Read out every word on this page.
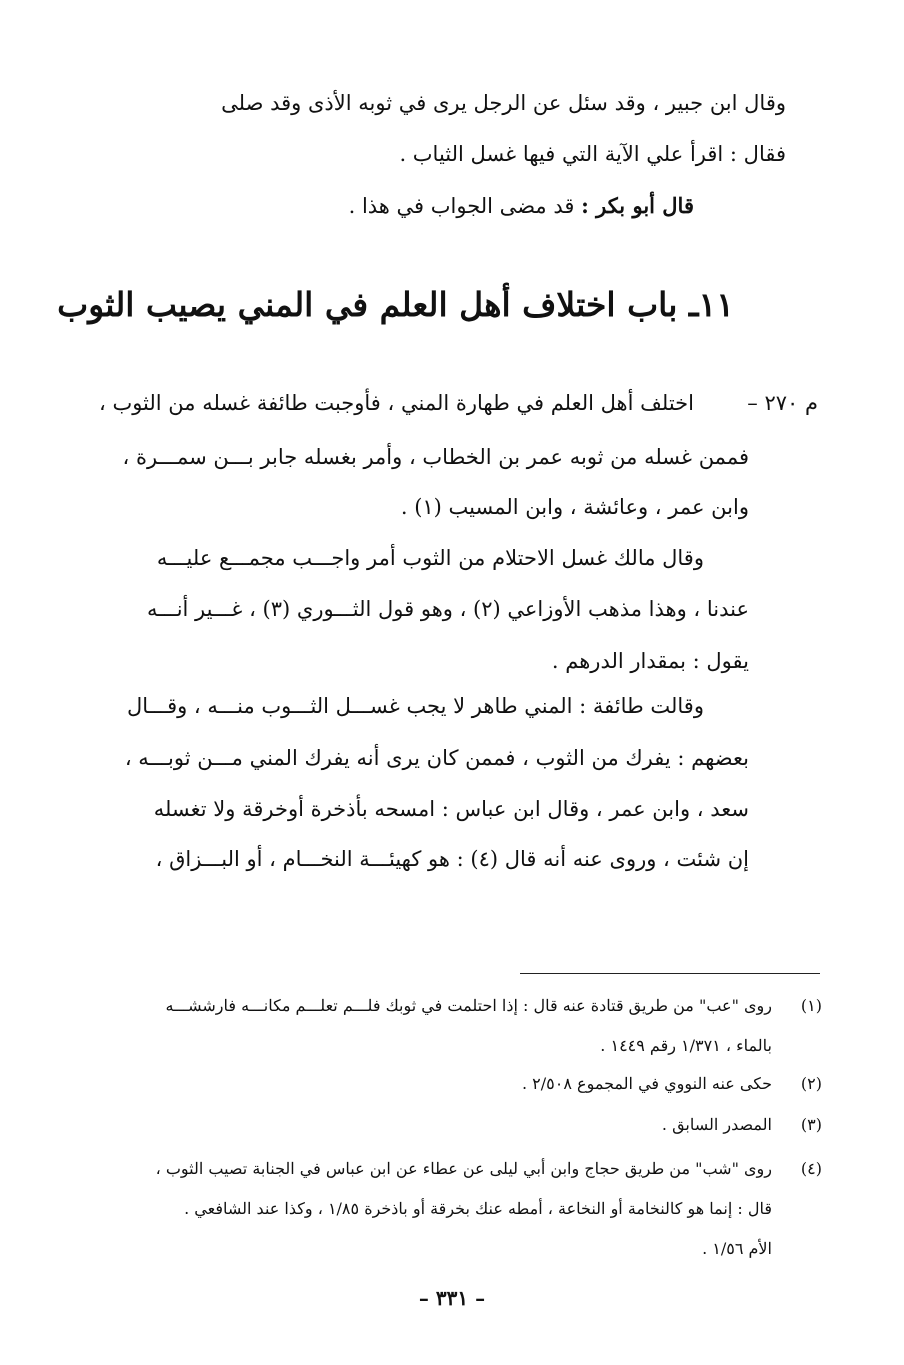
وقال ابن جبير ، وقد سئل عن الرجل يرى في ثوبه الأذى وقد صلى
فقال : اقرأ علي الآية التي فيها غسل الثياب .
قال أبو بكر : قد مضى الجواب في هذا .
١١ـ باب اختلاف أهل العلم في المني يصيب الثوب
م ٢٧٠ –
اختلف أهل العلم في طهارة المني ، فأوجبت طائفة غسله من الثوب ،
فممن غسله من ثوبه عمر بن الخطاب ، وأمر بغسله جابر بـــن سمـــرة ،
وابن عمر ، وعائشة ، وابن المسيب (١) .
وقال مالك غسل الاحتلام من الثوب أمر واجـــب مجمـــع عليـــه
عندنا ، وهذا مذهب الأوزاعي (٢) ، وهو قول الثـــوري (٣) ، غـــير أنـــه
يقول : بمقدار الدرهم .
وقالت طائفة : المني طاهر لا يجب غســـل الثـــوب منـــه ، وقـــال
بعضهم : يفرك من الثوب ، فممن كان يرى أنه يفرك المني مـــن ثوبـــه ،
سعد ، وابن عمر ، وقال ابن عباس : امسحه بأذخرة أوخرقة ولا تغسله
إن شئت ، وروى عنه أنه قال (٤) : هو كهيئـــة النخـــام ، أو البـــزاق ،
(١)
روى "عب" من طريق قتادة عنه قال : إذا احتلمت في ثوبك فلـــم تعلـــم مكانـــه فارششـــه
بالماء ، ١/٣٧١ رقم ١٤٤٩ .
(٢)
حكى عنه النووي في المجموع ٢/٥٠٨ .
(٣)
المصدر السابق .
(٤)
روى "شب" من طريق حجاج وابن أبي ليلى عن عطاء عن ابن عباس في الجنابة تصيب الثوب ،
قال : إنما هو كالنخامة أو النخاعة ، أمطه عنك بخرقة أو باذخرة ١/٨٥ ، وكذا عند الشافعي .
الأم ١/٥٦ .
– ٣٣١ –
